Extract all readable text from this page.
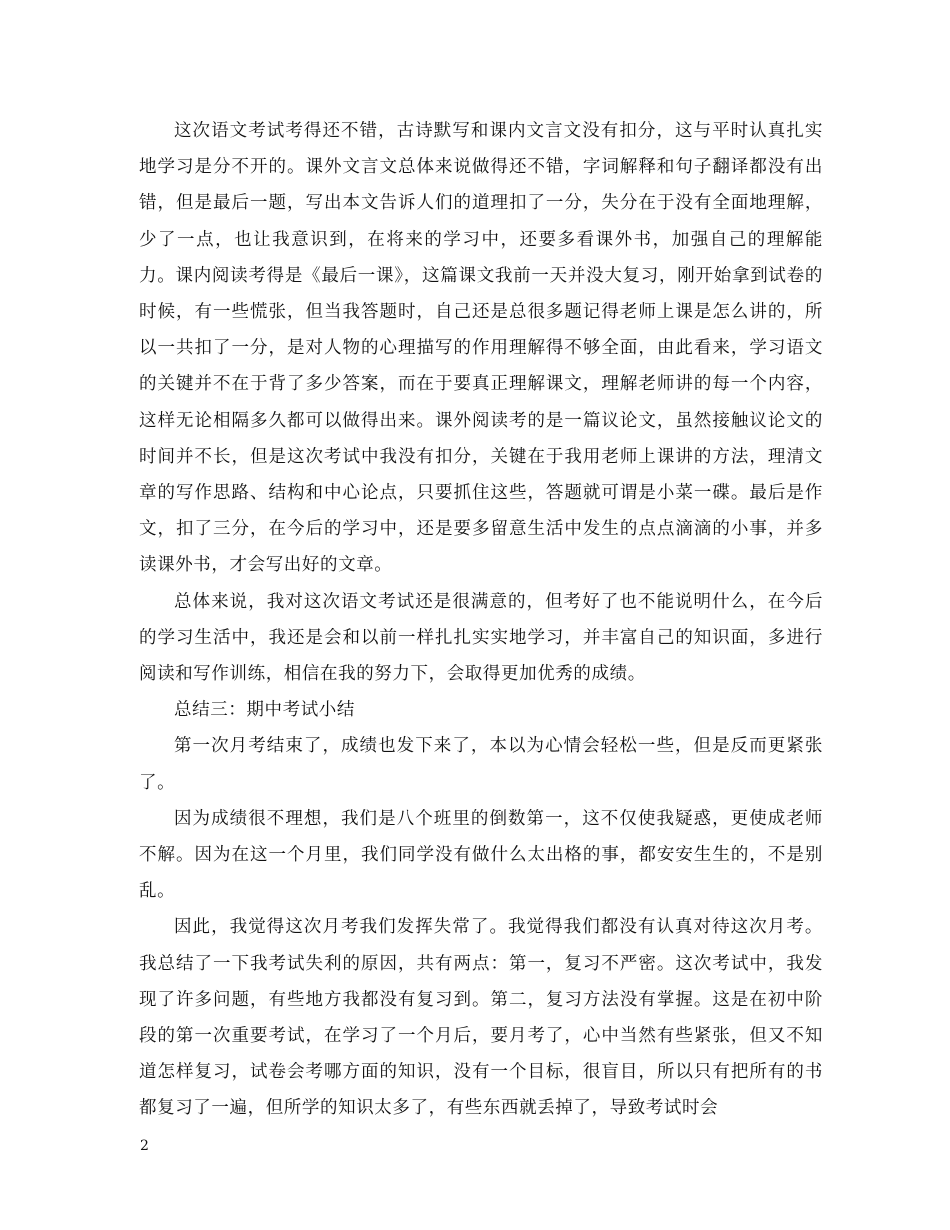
这次语文考试考得还不错，古诗默写和课内文言文没有扣分，这与平时认真扎实地学习是分不开的。课外文言文总体来说做得还不错，字词解释和句子翻译都没有出错，但是最后一题，写出本文告诉人们的道理扣了一分，失分在于没有全面地理解，少了一点，也让我意识到，在将来的学习中，还要多看课外书，加强自己的理解能力。课内阅读考得是《最后一课》，这篇课文我前一天并没大复习，刚开始拿到试卷的时候，有一些慌张，但当我答题时，自己还是总很多题记得老师上课是怎么讲的，所以一共扣了一分，是对人物的心理描写的作用理解得不够全面，由此看来，学习语文的关键并不在于背了多少答案，而在于要真正理解课文，理解老师讲的每一个内容，这样无论相隔多久都可以做得出来。课外阅读考的是一篇议论文，虽然接触议论文的时间并不长，但是这次考试中我没有扣分，关键在于我用老师上课讲的方法，理清文章的写作思路、结构和中心论点，只要抓住这些，答题就可谓是小菜一碟。最后是作文，扣了三分，在今后的学习中，还是要多留意生活中发生的点点滴滴的小事，并多读课外书，才会写出好的文章。

总体来说，我对这次语文考试还是很满意的，但考好了也不能说明什么，在今后的学习生活中，我还是会和以前一样扎扎实实地学习，并丰富自己的知识面，多进行阅读和写作训练，相信在我的努力下，会取得更加优秀的成绩。

总结三：期中考试小结

第一次月考结束了，成绩也发下来了，本以为心情会轻松一些，但是反而更紧张了。

因为成绩很不理想，我们是八个班里的倒数第一，这不仅使我疑惑，更使成老师不解。因为在这一个月里，我们同学没有做什么太出格的事，都安安生生的，不是别乱。

因此，我觉得这次月考我们发挥失常了。我觉得我们都没有认真对待这次月考。我总结了一下我考试失利的原因，共有两点：第一，复习不严密。这次考试中，我发现了许多问题，有些地方我都没有复习到。第二，复习方法没有掌握。这是在初中阶段的第一次重要考试，在学习了一个月后，要月考了，心中当然有些紧张，但又不知道怎样复习，试卷会考哪方面的知识，没有一个目标，很盲目，所以只有把所有的书都复习了一遍，但所学的知识太多了，有些东西就丢掉了，导致考试时会

2
